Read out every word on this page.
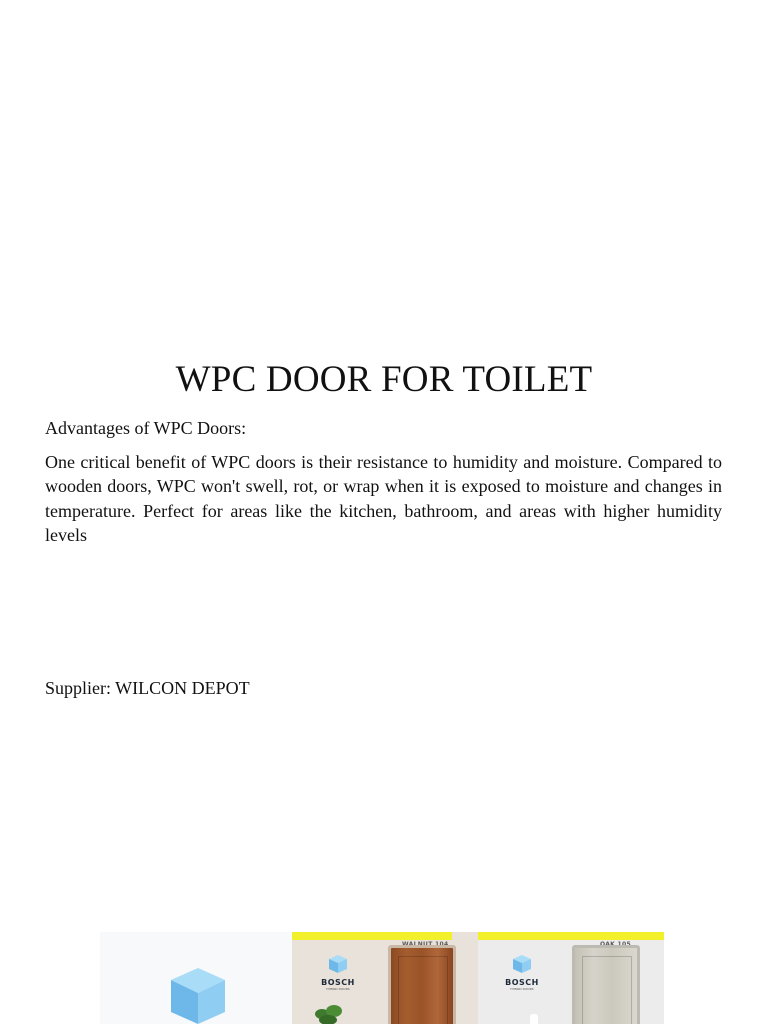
WPC DOOR FOR TOILET
Advantages of WPC Doors:
One critical benefit of WPC doors is their resistance to humidity and moisture. Compared to wooden doors, WPC won't swell, rot, or wrap when it is exposed to moisture and changes in temperature. Perfect for areas like the kitchen, bathroom, and areas with higher humidity levels
Supplier: WILCON DEPOT
WALNUT 104
BOSCH
HYBRID DOORS
OAK 105
BOSCH
HYBRID DOORS
